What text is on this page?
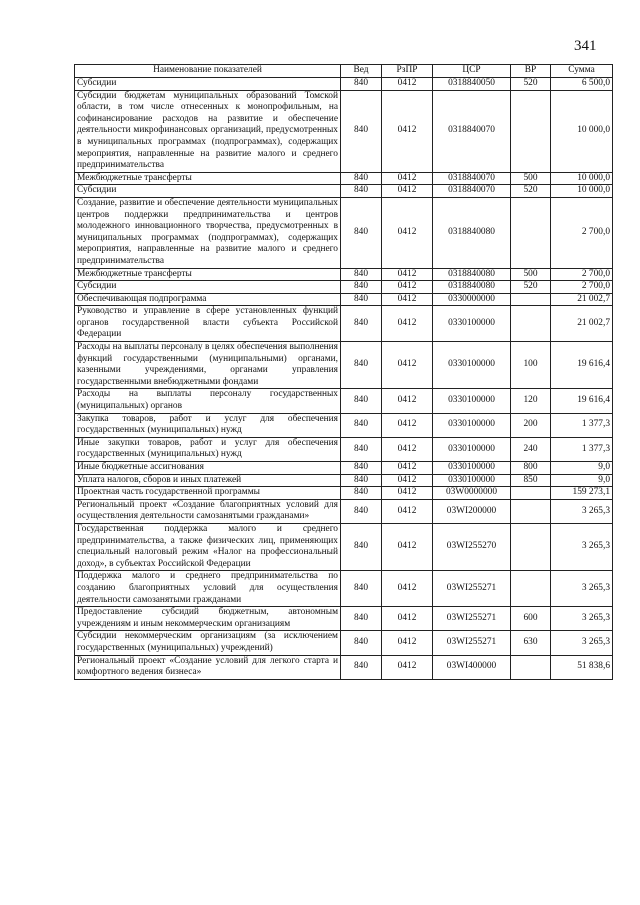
341
Наименование показателей	Вед	РзПР	ЦСР	ВР	Сумма
Субсидии	840	0412	0318840050	520	6 500,0
Субсидии бюджетам муниципальных образований Томской области, в том числе отнесенных к монопрофильным, на софинансирование расходов на развитие и обеспечение деятельности микрофинансовых организаций, предусмотренных в муниципальных программах (подпрограммах), содержащих мероприятия, направленные на развитие малого и среднего предпринимательства	840	0412	0318840070		10 000,0
Межбюджетные трансферты	840	0412	0318840070	500	10 000,0
Субсидии	840	0412	0318840070	520	10 000,0
Создание, развитие и обеспечение деятельности муниципальных центров поддержки предпринимательства и центров молодежного инновационного творчества, предусмотренных в муниципальных программах (подпрограммах), содержащих мероприятия, направленные на развитие малого и среднего предпринимательства	840	0412	0318840080		2 700,0
Межбюджетные трансферты	840	0412	0318840080	500	2 700,0
Субсидии	840	0412	0318840080	520	2 700,0
Обеспечивающая подпрограмма	840	0412	0330000000		21 002,7
Руководство и управление в сфере установленных функций органов государственной власти субъекта Российской Федерации	840	0412	0330100000		21 002,7
Расходы на выплаты персоналу в целях обеспечения выполнения функций государственными (муниципальными) органами, казенными учреждениями, органами управления государственными внебюджетными фондами	840	0412	0330100000	100	19 616,4
Расходы на выплаты персоналу государственных (муниципальных) органов	840	0412	0330100000	120	19 616,4
Закупка товаров, работ и услуг для обеспечения государственных (муниципальных) нужд	840	0412	0330100000	200	1 377,3
Иные закупки товаров, работ и услуг для обеспечения государственных (муниципальных) нужд	840	0412	0330100000	240	1 377,3
Иные бюджетные ассигнования	840	0412	0330100000	800	9,0
Уплата налогов, сборов и иных платежей	840	0412	0330100000	850	9,0
Проектная часть государственной программы	840	0412	03W0000000		159 273,1
Региональный проект «Создание благоприятных условий для осуществления деятельности самозанятыми гражданами»	840	0412	03WI200000		3 265,3
Государственная поддержка малого и среднего предпринимательства, а также физических лиц, применяющих специальный налоговый режим «Налог на профессиональный доход», в субъектах Российской Федерации	840	0412	03WI255270		3 265,3
Поддержка малого и среднего предпринимательства по созданию благоприятных условий для осуществления деятельности самозанятыми гражданами	840	0412	03WI255271		3 265,3
Предоставление субсидий бюджетным, автономным учреждениям и иным некоммерческим организациям	840	0412	03WI255271	600	3 265,3
Субсидии некоммерческим организациям (за исключением государственных (муниципальных) учреждений)	840	0412	03WI255271	630	3 265,3
Региональный проект «Создание условий для легкого старта и комфортного ведения бизнеса»	840	0412	03WI400000		51 838,6
